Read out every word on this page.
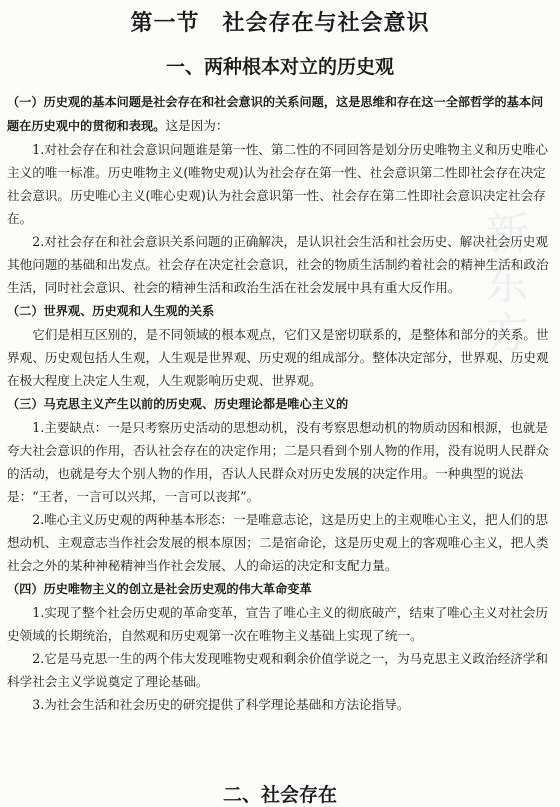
新东方
第一节　社会存在与社会意识
一、两种根本对立的历史观

（一）历史观的基本问题是社会存在和社会意识的关系问题，这是思维和存在这一全部哲学的基本问题在历史观中的贯彻和表现。这是因为：

1.对社会存在和社会意识问题谁是第一性、第二性的不同回答是划分历史唯物主义和历史唯心主义的唯一标准。历史唯物主义(唯物史观)认为社会存在第一性、社会意识第二性即社会存在决定社会意识。历史唯心主义(唯心史观)认为社会意识第一性、社会存在第二性即社会意识决定社会存在。

2.对社会存在和社会意识关系问题的正确解决，是认识社会生活和社会历史、解决社会历史观其他问题的基础和出发点。社会存在决定社会意识，社会的物质生活制约着社会的精神生活和政治生活，同时社会意识、社会的精神生活和政治生活在社会发展中具有重大反作用。

（二）世界观、历史观和人生观的关系

它们是相互区别的，是不同领域的根本观点，它们又是密切联系的，是整体和部分的关系。世界观、历史观包括人生观，人生观是世界观、历史观的组成部分。整体决定部分，世界观、历史观在极大程度上决定人生观，人生观影响历史观、世界观。

（三）马克思主义产生以前的历史观、历史理论都是唯心主义的

1.主要缺点：一是只考察历史活动的思想动机，没有考察思想动机的物质动因和根源，也就是夸大社会意识的作用，否认社会存在的决定作用；二是只看到个别人物的作用，没有说明人民群众的活动，也就是夸大个别人物的作用，否认人民群众对历史发展的决定作用。一种典型的说法是：“王者，一言可以兴邦，一言可以丧邦”。

2.唯心主义历史观的两种基本形态：一是唯意志论，这是历史上的主观唯心主义，把人们的思想动机、主观意志当作社会发展的根本原因；二是宿命论，这是历史观上的客观唯心主义，把人类社会之外的某种神秘精神当作社会发展、人的命运的决定和支配力量。

（四）历史唯物主义的创立是社会历史观的伟大革命变革

1.实现了整个社会历史观的革命变革，宣告了唯心主义的彻底破产，结束了唯心主义对社会历史领域的长期统治，自然观和历史观第一次在唯物主义基础上实现了统一。

2.它是马克思一生的两个伟大发现唯物史观和剩余价值学说之一，为马克思主义政治经济学和科学社会主义学说奠定了理论基础。

3.为社会生活和社会历史的研究提供了科学理论基础和方法论指导。

二、社会存在
